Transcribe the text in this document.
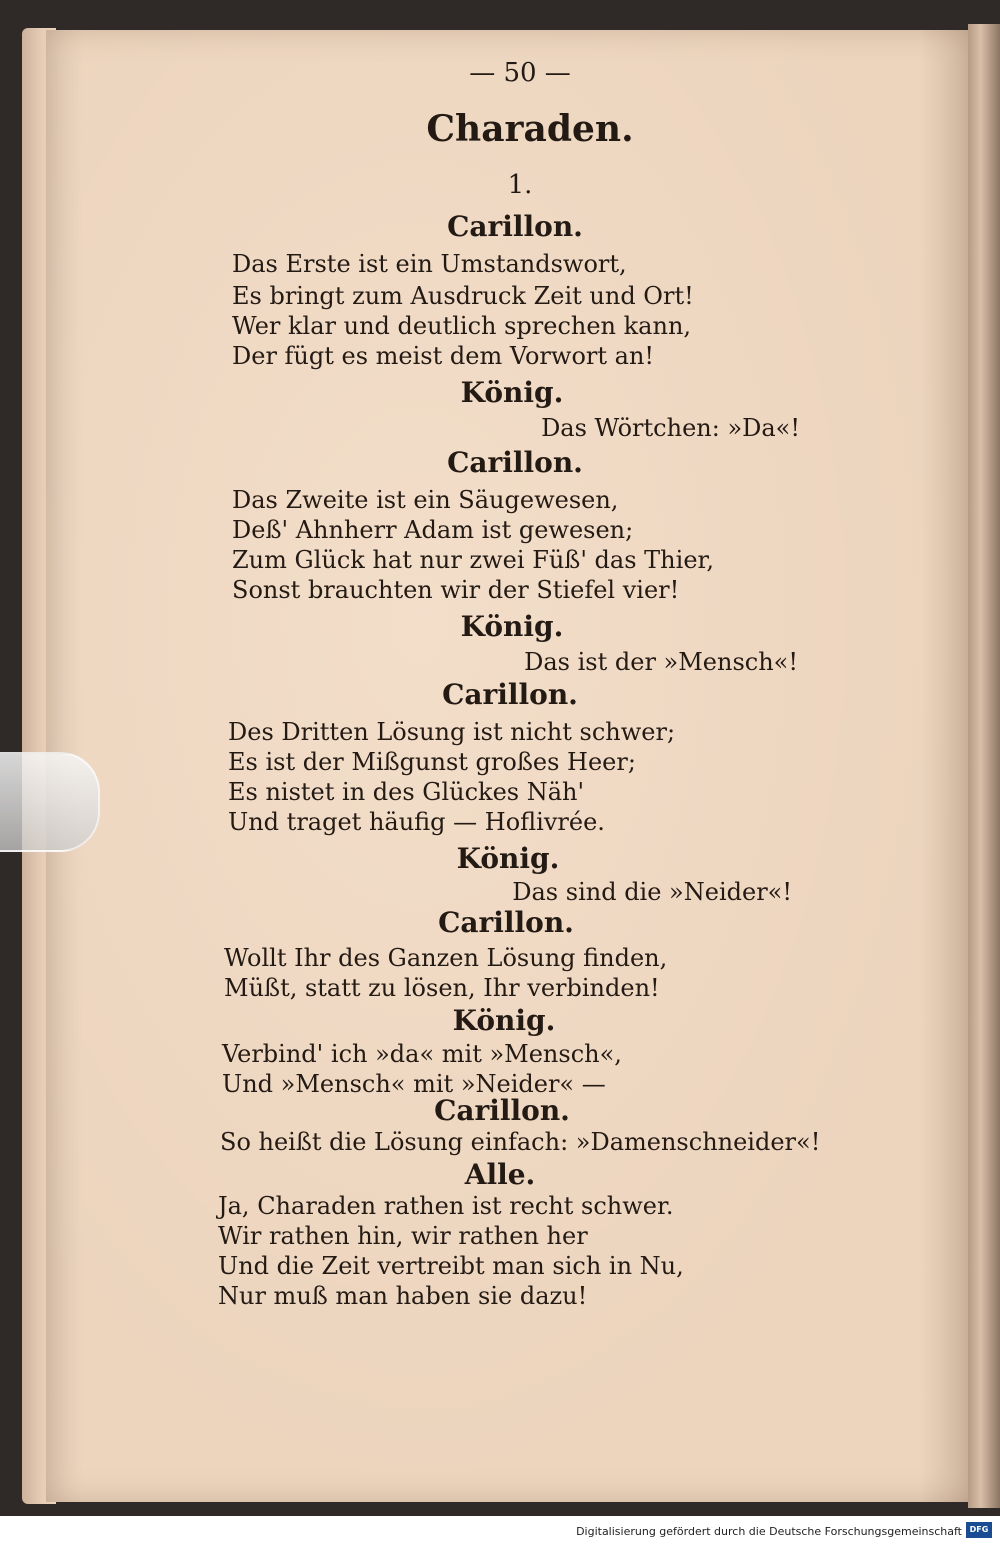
— 50 —
Charaden.
1.
Carillon.
Das Erste ist ein Umstandswort,
Es bringt zum Ausdruck Zeit und Ort!
Wer klar und deutlich sprechen kann,
Der fügt es meist dem Vorwort an!
König.
Das Wörtchen: »Da«!
Carillon.
Das Zweite ist ein Säugewesen,
Deß' Ahnherr Adam ist gewesen;
Zum Glück hat nur zwei Füß' das Thier,
Sonst brauchten wir der Stiefel vier!
König.
Das ist der »Mensch«!
Carillon.
Des Dritten Lösung ist nicht schwer;
Es ist der Mißgunst großes Heer;
Es nistet in des Glückes Näh'
Und traget häufig — Hoflivrée.
König.
Das sind die »Neider«!
Carillon.
Wollt Ihr des Ganzen Lösung finden,
Müßt, statt zu lösen, Ihr verbinden!
König.
Verbind' ich »da« mit »Mensch«,
Und »Mensch« mit »Neider« —
Carillon.
So heißt die Lösung einfach: »Damenschneider«!
Alle.
Ja, Charaden rathen ist recht schwer.
Wir rathen hin, wir rathen her
Und die Zeit vertreibt man sich in Nu,
Nur muß man haben sie dazu!
Digitalisierung gefördert durch die Deutsche Forschungsgemeinschaft DFG
